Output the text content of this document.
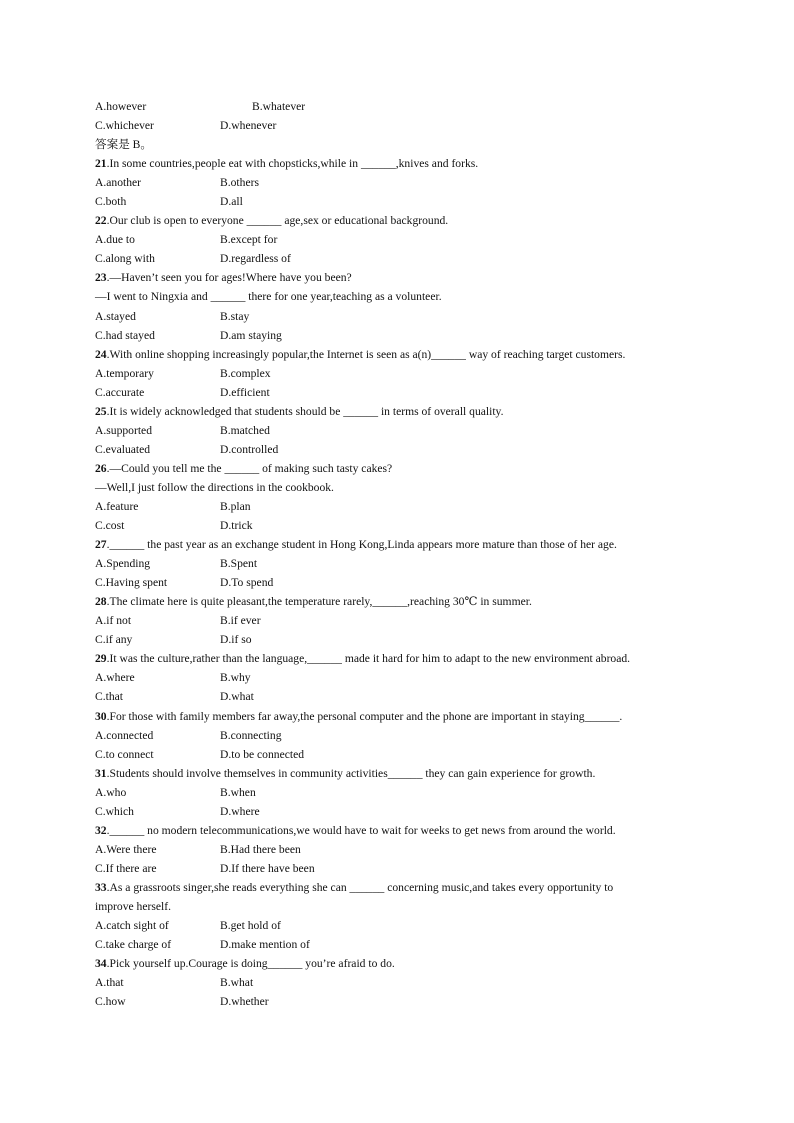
A.however	B.whatever
C.whichever	D.whenever
答案是 B。
21.In some countries,people eat with chopsticks,while in ______,knives and forks.
A.another	B.others
C.both	D.all
22.Our club is open to everyone ______ age,sex or educational background.
A.due to	B.except for
C.along with	D.regardless of
23.—Haven’t seen you for ages!Where have you been?
—I went to Ningxia and ______ there for one year,teaching as a volunteer.
A.stayed	B.stay
C.had stayed	D.am staying
24.With online shopping increasingly popular,the Internet is seen as a(n)______ way of reaching target customers.
A.temporary	B.complex
C.accurate	D.efficient
25.It is widely acknowledged that students should be ______ in terms of overall quality.
A.supported	B.matched
C.evaluated	D.controlled
26.—Could you tell me the ______ of making such tasty cakes?
—Well,I just follow the directions in the cookbook.
A.feature	B.plan
C.cost	D.trick
27.______ the past year as an exchange student in Hong Kong,Linda appears more mature than those of her age.
A.Spending	B.Spent
C.Having spent	D.To spend
28.The climate here is quite pleasant,the temperature rarely,______,reaching 30℃ in summer.
A.if not	B.if ever
C.if any	D.if so
29.It was the culture,rather than the language,______ made it hard for him to adapt to the new environment abroad.
A.where	B.why
C.that	D.what
30.For those with family members far away,the personal computer and the phone are important in staying______.
A.connected	B.connecting
C.to connect	D.to be connected
31.Students should involve themselves in community activities______ they can gain experience for growth.
A.who	B.when
C.which	D.where
32.______ no modern telecommunications,we would have to wait for weeks to get news from around the world.
A.Were there	B.Had there been
C.If there are	D.If there have been
33.As a grassroots singer,she reads everything she can ______ concerning music,and takes every opportunity to
improve herself.
A.catch sight of	B.get hold of
C.take charge of	D.make mention of
34.Pick yourself up.Courage is doing______ you’re afraid to do.
A.that	B.what
C.how	D.whether
